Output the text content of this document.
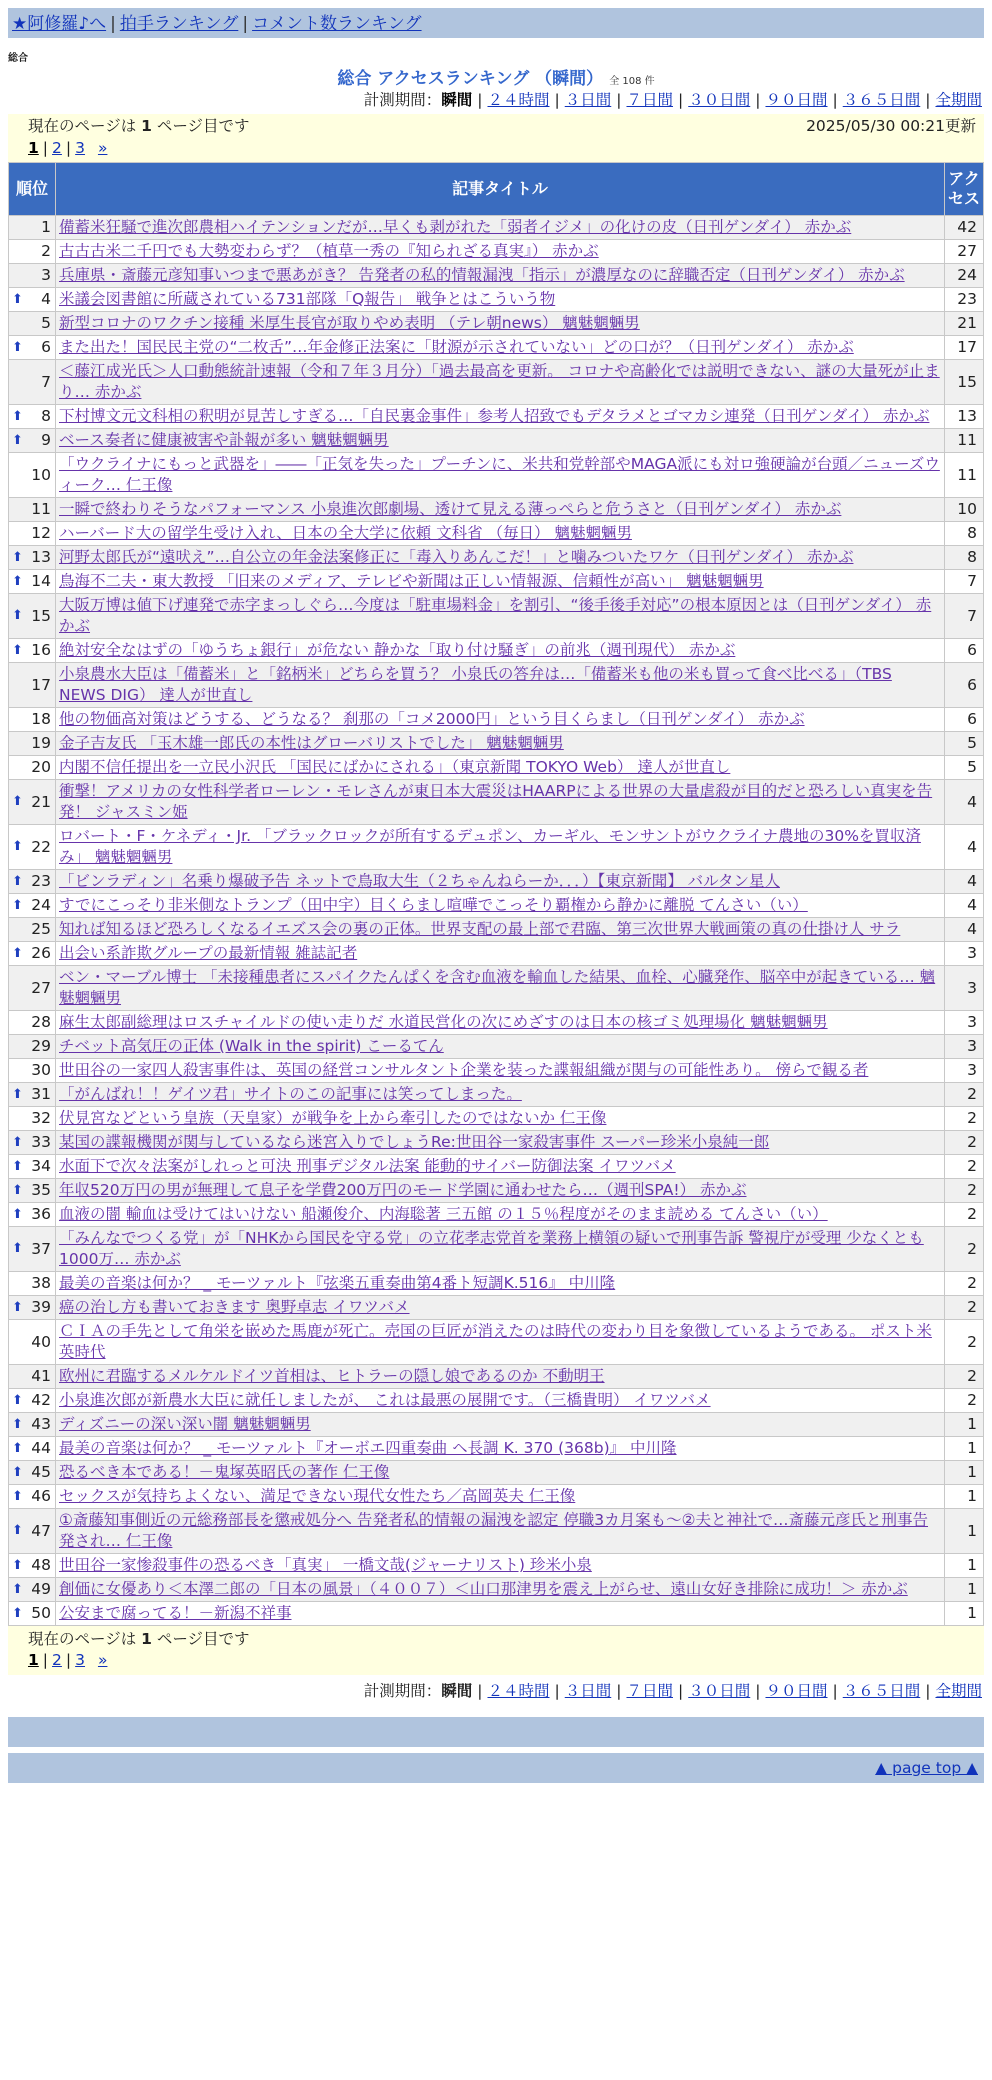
★阿修羅♪へ | 拍手ランキング | コメント数ランキング
総合
総合 アクセスランキング （瞬間） 全 108 件
計測期間：瞬間 | ２４時間 | ３日間 | ７日間 | ３０日間 | ９０日間 | ３６５日間 | 全期間
現在のページは 1 ページ目です	2025/05/30 00:21更新
1 | 2 | 3 »
順位	記事タイトル	アクセス
1	備蓄米狂騒で進次郎農相ハイテンションだが…早くも剥がれた「弱者イジメ」の化けの皮（日刊ゲンダイ） 赤かぶ	42
2	古古古米二千円でも大勢変わらず？（植草一秀の『知られざる真実』） 赤かぶ	27
3	兵庫県・斎藤元彦知事いつまで悪あがき？ 告発者の私的情報漏洩「指示」が濃厚なのに辞職否定（日刊ゲンダイ） 赤かぶ	24

⬆ 4	米議会図書館に所蔵されている731部隊「Q報告」 戦争とはこういう物	23
5	新型コロナのワクチン接種 米厚生長官が取りやめ表明 （テレ朝news） 魑魅魍魎男	21

⬆ 6	また出た！国民民主党の“二枚舌”…年金修正法案に「財源が示されていない」どの口が？（日刊ゲンダイ） 赤かぶ	17
7	＜藤江成光氏＞人口動態統計速報（令和７年３月分）「過去最高を更新。 コロナや高齢化では説明できない、謎の大量死が止まり… 赤かぶ	15

⬆ 8	下村博文元文科相の釈明が見苦しすぎる…「自民裏金事件」参考人招致でもデタラメとゴマカシ連発（日刊ゲンダイ） 赤かぶ	13

⬆ 9	ベース奏者に健康被害や訃報が多い 魑魅魍魎男	11
10	「ウクライナにもっと武器を」――「正気を失った」プーチンに、米共和党幹部やMAGA派にも対ロ強硬論が台頭／ニューズウィーク… 仁王像	11
11	一瞬で終わりそうなパフォーマンス 小泉進次郎劇場、透けて見える薄っぺらと危うさと（日刊ゲンダイ） 赤かぶ	10
12	ハーバード大の留学生受け入れ、日本の全大学に依頼 文科省 （毎日） 魑魅魍魎男	8

⬆ 13	河野太郎氏が“遠吠え”…自公立の年金法案修正に「毒入りあんこだ！」と噛みついたワケ（日刊ゲンダイ） 赤かぶ	8

⬆ 14	鳥海不二夫・東大教授 「旧来のメディア、テレビや新聞は正しい情報源、信頼性が高い」 魑魅魍魎男	7

⬆ 15	大阪万博は値下げ連発で赤字まっしぐら…今度は「駐車場料金」を割引、“後手後手対応”の根本原因とは（日刊ゲンダイ） 赤かぶ	7

⬆ 16	絶対安全なはずの「ゆうちょ銀行」が危ない 静かな「取り付け騒ぎ」の前兆（週刊現代） 赤かぶ	6
17	小泉農水大臣は「備蓄米」と「銘柄米」どちらを買う？ 小泉氏の答弁は…「備蓄米も他の米も買って食べ比べる」（TBS NEWS DIG） 達人が世直し	6
18	他の物価高対策はどうする、どうなる？ 刹那の「コメ2000円」という目くらまし（日刊ゲンダイ） 赤かぶ	6
19	金子吉友氏 「玉木雄一郎氏の本性はグローバリストでした」 魑魅魍魎男	5
20	内閣不信任提出を一立民小沢氏 「国民にばかにされる」（東京新聞 TOKYO Web） 達人が世直し	5

⬆ 21	衝撃！アメリカの女性科学者ローレン・モレさんが東日本大震災はHAARPによる世界の大量虐殺が目的だと恐ろしい真実を告発！ ジャスミン姫	4

⬆ 22	ロバート・F・ケネディ・Jr. 「ブラックロックが所有するデュポン、カーギル、モンサントがウクライナ農地の30%を買収済み」 魑魅魍魎男	4

⬆ 23	「ビンラディン」名乗り爆破予告 ネットで鳥取大生（２ちゃんねらーか．．．）【東京新聞】 バルタン星人	4

⬆ 24	すでにこっそり非米側なトランプ（田中宇）目くらまし喧嘩でこっそり覇権から静かに離脱 てんさい（い）	4
25	知れば知るほど恐ろしくなるイエズス会の裏の正体。世界支配の最上部で君臨、第三次世界大戦画策の真の仕掛け人 サラ	4

⬆ 26	出会い系詐欺グループの最新情報 雑誌記者	3
27	ベン・マーブル博士 「未接種患者にスパイクたんぱくを含む血液を輸血した結果、血栓、心臓発作、脳卒中が起きている… 魑魅魍魎男	3
28	麻生太郎副総理はロスチャイルドの使い走りだ 水道民営化の次にめざすのは日本の核ゴミ処理場化 魑魅魍魎男	3
29	チベット高気圧の正体 (Walk in the spirit) こーるてん	3
30	世田谷の一家四人殺害事件は、英国の経営コンサルタント企業を装った諜報組織が関与の可能性あり。 傍らで観る者	3

⬆ 31	「がんばれ！！ゲイツ君」サイトのこの記事には笑ってしまった。	2
32	伏見宮などという皇族（天皇家）が戦争を上から牽引したのではないか 仁王像	2

⬆ 33	某国の諜報機関が関与しているなら迷宮入りでしょうRe:世田谷一家殺害事件 スーパー珍米小泉純一郎	2

⬆ 34	水面下で次々法案がしれっと可決 刑事デジタル法案 能動的サイバー防御法案 イワツバメ	2

⬆ 35	年収520万円の男が無理して息子を学費200万円のモード学園に通わせたら…（週刊SPA!） 赤かぶ	2

⬆ 36	血液の闇 輸血は受けてはいけない 船瀬俊介、内海聡著 三五館 の１５％程度がそのまま読める てんさい（い）	2

⬆ 37	「みんなでつくる党」が「NHKから国民を守る党」の立花孝志党首を業務上横領の疑いで刑事告訴 警視庁が受理 少なくとも1000万… 赤かぶ	2
38	最美の音楽は何か？ _ モーツァルト『弦楽五重奏曲第4番ト短調K.516』 中川隆	2

⬆ 39	癌の治し方も書いておきます 奥野卓志 イワツバメ	2
40	ＣＩＡの手先として角栄を嵌めた馬鹿が死亡。売国の巨匠が消えたのは時代の変わり目を象徴しているようである。 ポスト米英時代	2
41	欧州に君臨するメルケルドイツ首相は、ヒトラーの隠し娘であるのか 不動明王	2

⬆ 42	小泉進次郎が新農水大臣に就任しましたが、 これは最悪の展開です。（三橋貴明） イワツバメ	2

⬆ 43	ディズニーの深い深い闇 魑魅魍魎男	1

⬆ 44	最美の音楽は何か？ _ モーツァルト『オーボエ四重奏曲 ヘ長調 K. 370 (368b)』 中川隆	1

⬆ 45	恐るべき本である！－鬼塚英昭氏の著作 仁王像	1

⬆ 46	セックスが気持ちよくない、満足できない現代女性たち／高岡英夫 仁王像	1

⬆ 47	①斎藤知事側近の元総務部長を懲戒処分へ 告発者私的情報の漏洩を認定 停職3カ月案も～②夫と神社で…斎藤元彦氏と刑事告発され… 仁王像	1

⬆ 48	世田谷一家惨殺事件の恐るべき「真実」 一橋文哉(ジャーナリスト) 珍米小泉	1

⬆ 49	創価に女優あり＜本澤二郎の「日本の風景」（４００７）＜山口那津男を震え上がらせ、遠山女好き排除に成功！＞ 赤かぶ	1

⬆ 50	公安まで腐ってる！－新潟不祥事	1
現在のページは 1 ページ目です
1 | 2 | 3 »
計測期間：瞬間 | ２４時間 | ３日間 | ７日間 | ３０日間 | ９０日間 | ３６５日間 | 全期間
▲ page top ▲
